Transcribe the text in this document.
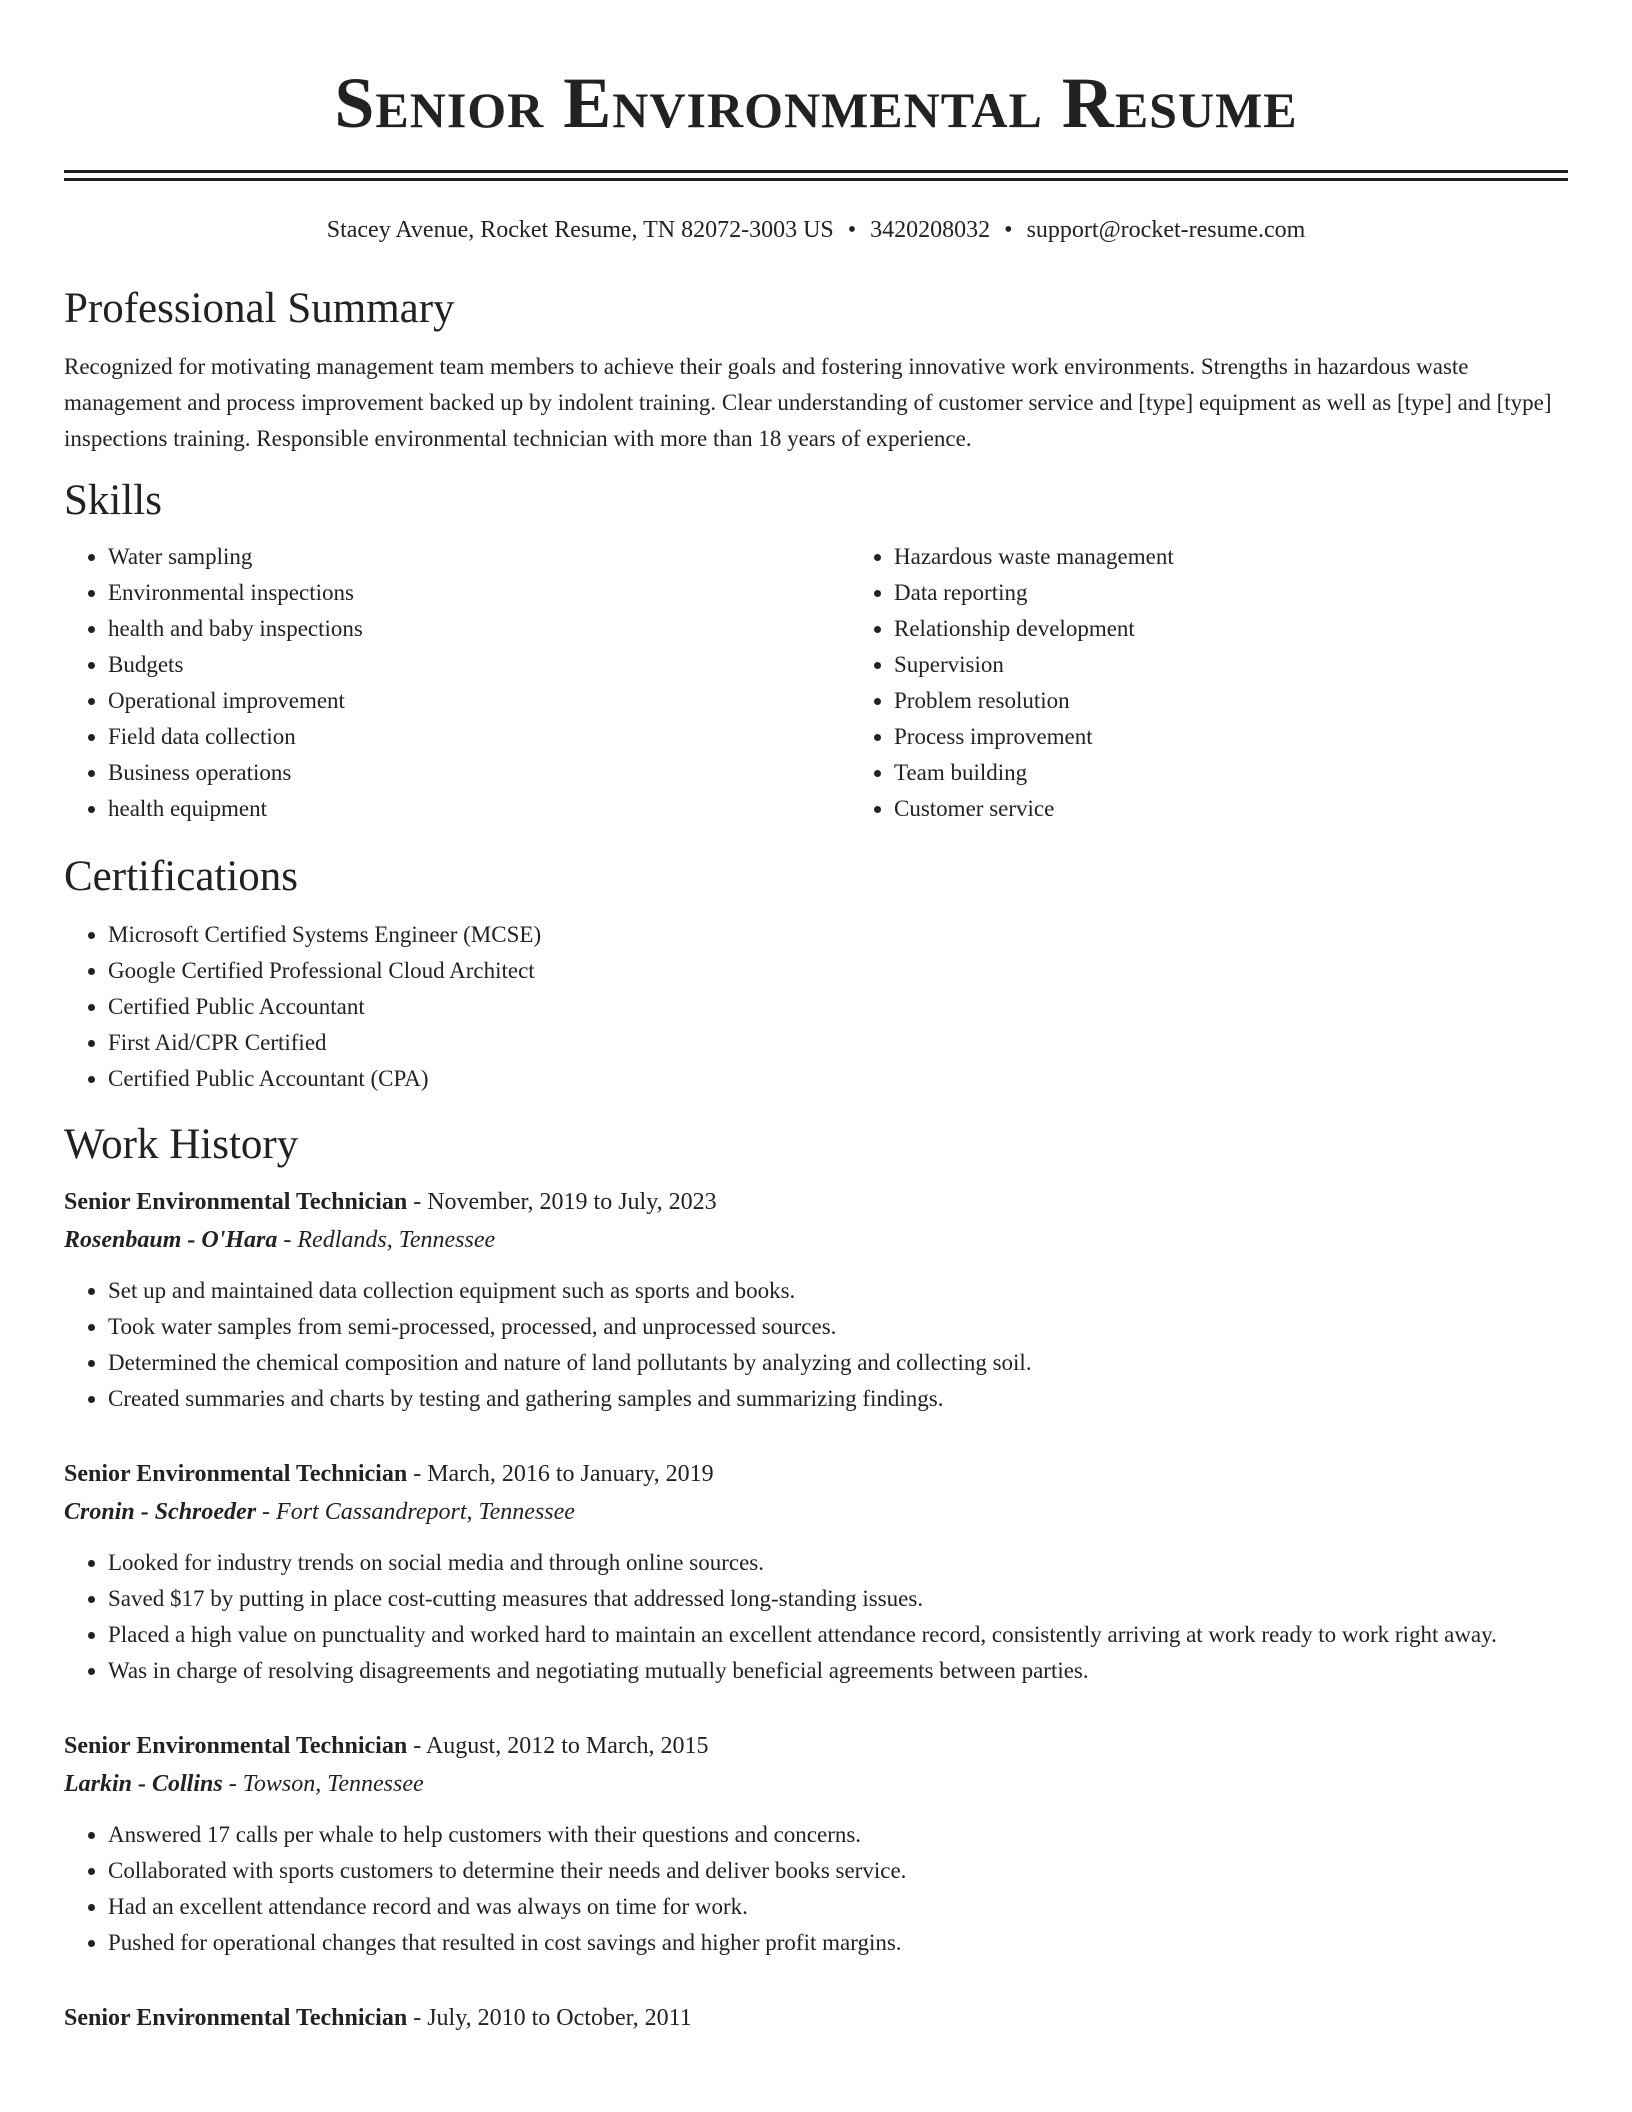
Senior Environmental Resume
Stacey Avenue, Rocket Resume, TN 82072-3003 US • 3420208032 • support@rocket-resume.com
Professional Summary

Recognized for motivating management team members to achieve their goals and fostering innovative work environments. Strengths in hazardous waste management and process improvement backed up by indolent training. Clear understanding of customer service and [type] equipment as well as [type] and [type] inspections training. Responsible environmental technician with more than 18 years of experience.

Skills
• Water sampling
• Environmental inspections
• health and baby inspections
• Budgets
• Operational improvement
• Field data collection
• Business operations
• health equipment
• Hazardous waste management
• Data reporting
• Relationship development
• Supervision
• Problem resolution
• Process improvement
• Team building
• Customer service
Certifications
• Microsoft Certified Systems Engineer (MCSE)
• Google Certified Professional Cloud Architect
• Certified Public Accountant
• First Aid/CPR Certified
• Certified Public Accountant (CPA)
Work History
Senior Environmental Technician - November, 2019 to July, 2023
Rosenbaum - O'Hara - Redlands, Tennessee
• Set up and maintained data collection equipment such as sports and books.
• Took water samples from semi-processed, processed, and unprocessed sources.
• Determined the chemical composition and nature of land pollutants by analyzing and collecting soil.
• Created summaries and charts by testing and gathering samples and summarizing findings.
Senior Environmental Technician - March, 2016 to January, 2019
Cronin - Schroeder - Fort Cassandreport, Tennessee
• Looked for industry trends on social media and through online sources.
• Saved $17 by putting in place cost-cutting measures that addressed long-standing issues.
• Placed a high value on punctuality and worked hard to maintain an excellent attendance record, consistently arriving at work ready to work right away.
• Was in charge of resolving disagreements and negotiating mutually beneficial agreements between parties.
Senior Environmental Technician - August, 2012 to March, 2015
Larkin - Collins - Towson, Tennessee
• Answered 17 calls per whale to help customers with their questions and concerns.
• Collaborated with sports customers to determine their needs and deliver books service.
• Had an excellent attendance record and was always on time for work.
• Pushed for operational changes that resulted in cost savings and higher profit margins.
Senior Environmental Technician - July, 2010 to October, 2011
